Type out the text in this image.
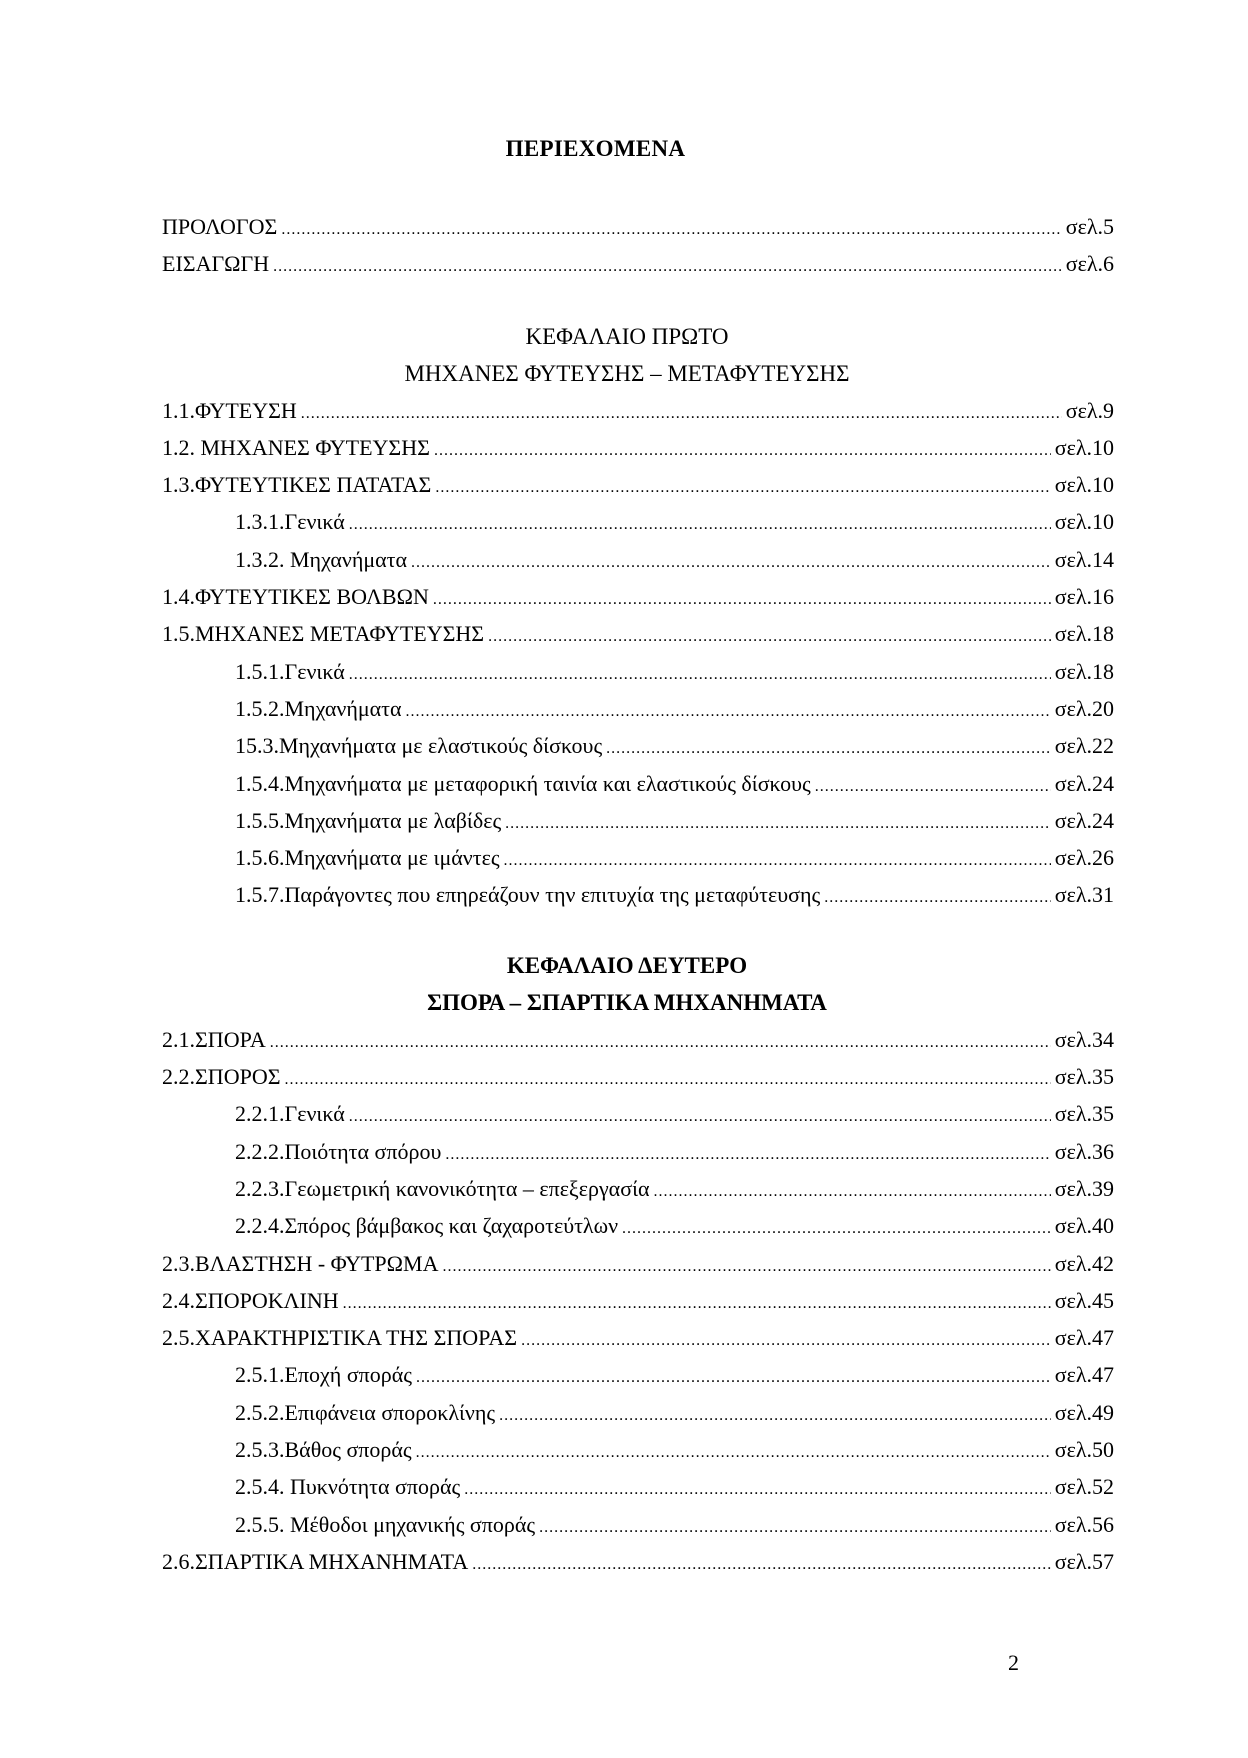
ΠΕΡΙΕΧΟΜΕΝΑ
ΠΡΟΛΟΓΟΣ .....	σελ.5
ΕΙΣΑΓΩΓΗ .....	σελ.6
ΚΕΦΑΛΑΙΟ ΠΡΩΤΟ
ΜΗΧΑΝΕΣ ΦΥΤΕΥΣΗΣ – ΜΕΤΑΦΥΤΕΥΣΗΣ
1.1.ΦΥΤΕΥΣΗ .....	σελ.9
1.2. ΜΗΧΑΝΕΣ ΦΥΤΕΥΣΗΣ .....	σελ.10
1.3.ΦΥΤΕΥΤΙΚΕΣ ΠΑΤΑΤΑΣ .....	σελ.10
1.3.1.Γενικά .....	σελ.10
1.3.2. Μηχανήματα .....	σελ.14
1.4.ΦΥΤΕΥΤΙΚΕΣ ΒΟΛΒΩΝ .....	σελ.16
1.5.ΜΗΧΑΝΕΣ ΜΕΤΑΦΥΤΕΥΣΗΣ .....	σελ.18
1.5.1.Γενικά .....	σελ.18
1.5.2.Μηχανήματα .....	σελ.20
15.3.Μηχανήματα με ελαστικούς δίσκους .....	σελ.22
1.5.4.Μηχανήματα με μεταφορική ταινία και ελαστικούς δίσκους .....	σελ.24
1.5.5.Μηχανήματα με λαβίδες .....	σελ.24
1.5.6.Μηχανήματα με ιμάντες .....	σελ.26
1.5.7.Παράγοντες που επηρεάζουν την επιτυχία της μεταφύτευσης .....	σελ.31
ΚΕΦΑΛΑΙΟ ΔΕΥΤΕΡΟ
ΣΠΟΡΑ – ΣΠΑΡΤΙΚΑ ΜΗΧΑΝΗΜΑΤΑ
2.1.ΣΠΟΡΑ .....	σελ.34
2.2.ΣΠΟΡΟΣ .....	σελ.35
2.2.1.Γενικά .....	σελ.35
2.2.2.Ποιότητα σπόρου .....	σελ.36
2.2.3.Γεωμετρική κανονικότητα – επεξεργασία .....	σελ.39
2.2.4.Σπόρος βάμβακος και ζαχαροτεύτλων .....	σελ.40
2.3.ΒΛΑΣΤΗΣΗ - ΦΥΤΡΩΜΑ .....	σελ.42
2.4.ΣΠΟΡΟΚΛΙΝΗ .....	σελ.45
2.5.ΧΑΡΑΚΤΗΡΙΣΤΙΚΑ ΤΗΣ ΣΠΟΡΑΣ .....	σελ.47
2.5.1.Εποχή σποράς .....	σελ.47
2.5.2.Επιφάνεια σποροκλίνης .....	σελ.49
2.5.3.Βάθος σποράς .....	σελ.50
2.5.4. Πυκνότητα σποράς .....	σελ.52
2.5.5. Μέθοδοι μηχανικής σποράς .....	σελ.56
2.6.ΣΠΑΡΤΙΚΑ ΜΗΧΑΝΗΜΑΤΑ .....	σελ.57
2
